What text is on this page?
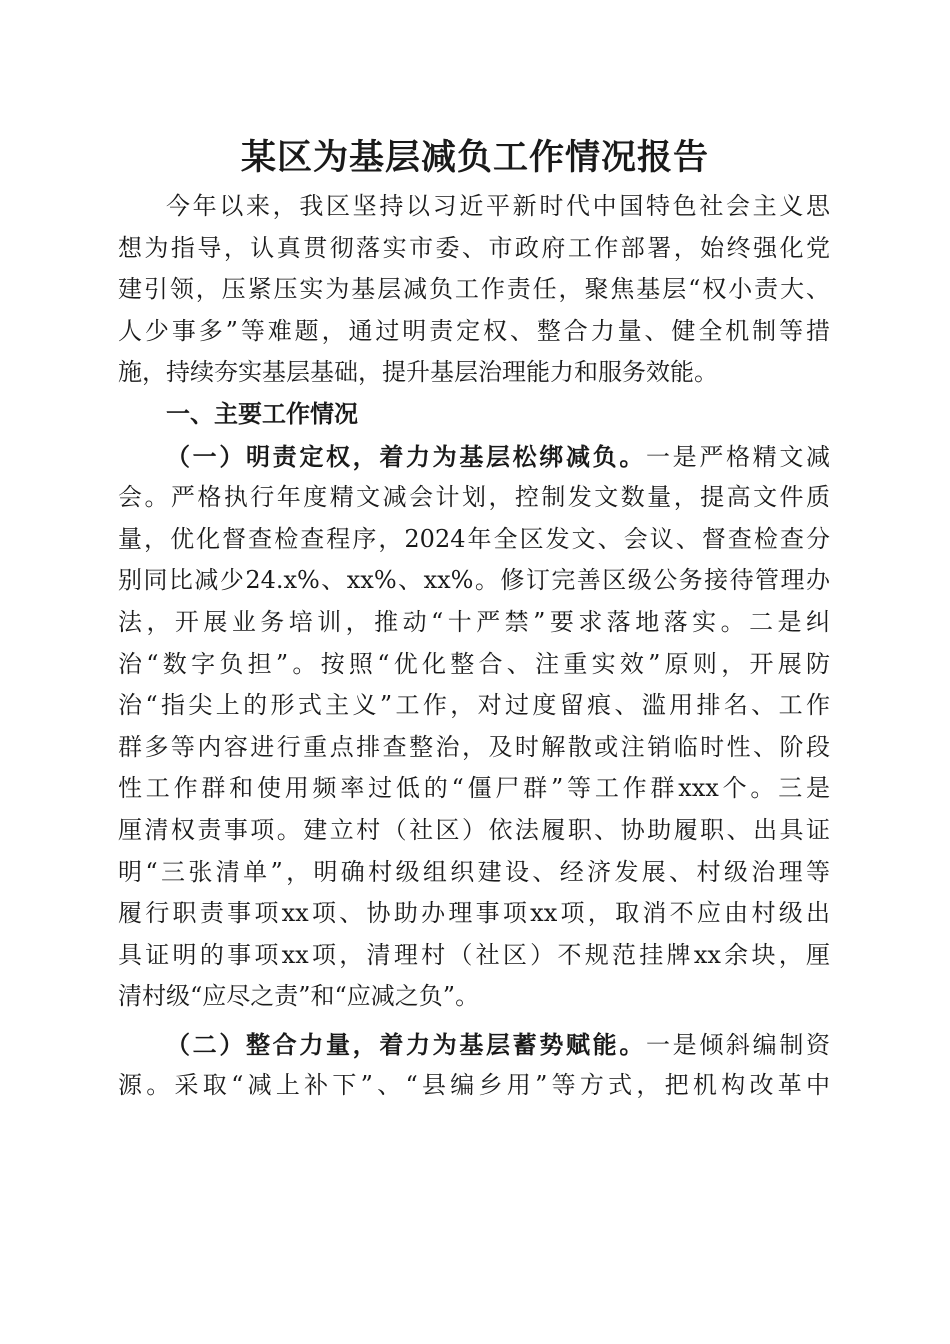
某区为基层减负工作情况报告
今年以来，我区坚持以习近平新时代中国特色社会主义思
想为指导，认真贯彻落实市委、市政府工作部署，始终强化党
建引领，压紧压实为基层减负工作责任，聚焦基层“权小责大、
人少事多”等难题，通过明责定权、整合力量、健全机制等措
施，持续夯实基层基础，提升基层治理能力和服务效能。
一、主要工作情况
（一）明责定权，着力为基层松绑减负。一是严格精文减
会。严格执行年度精文减会计划，控制发文数量，提高文件质
量，优化督查检查程序，2024年全区发文、会议、督查检查分
别同比减少24.x%、xx%、xx%。修订完善区级公务接待管理办
法，开展业务培训，推动“十严禁”要求落地落实。二是纠
治“数字负担”。按照“优化整合、注重实效”原则，开展防
治“指尖上的形式主义”工作，对过度留痕、滥用排名、工作
群多等内容进行重点排查整治，及时解散或注销临时性、阶段
性工作群和使用频率过低的“僵尸群”等工作群xxx个。三是
厘清权责事项。建立村（社区）依法履职、协助履职、出具证
明“三张清单”，明确村级组织建设、经济发展、村级治理等
履行职责事项xx项、协助办理事项xx项，取消不应由村级出
具证明的事项xx项，清理村（社区）不规范挂牌xx余块，厘
清村级“应尽之责”和“应减之负”。
（二）整合力量，着力为基层蓄势赋能。一是倾斜编制资
源。采取“减上补下”、“县编乡用”等方式，把机构改革中
